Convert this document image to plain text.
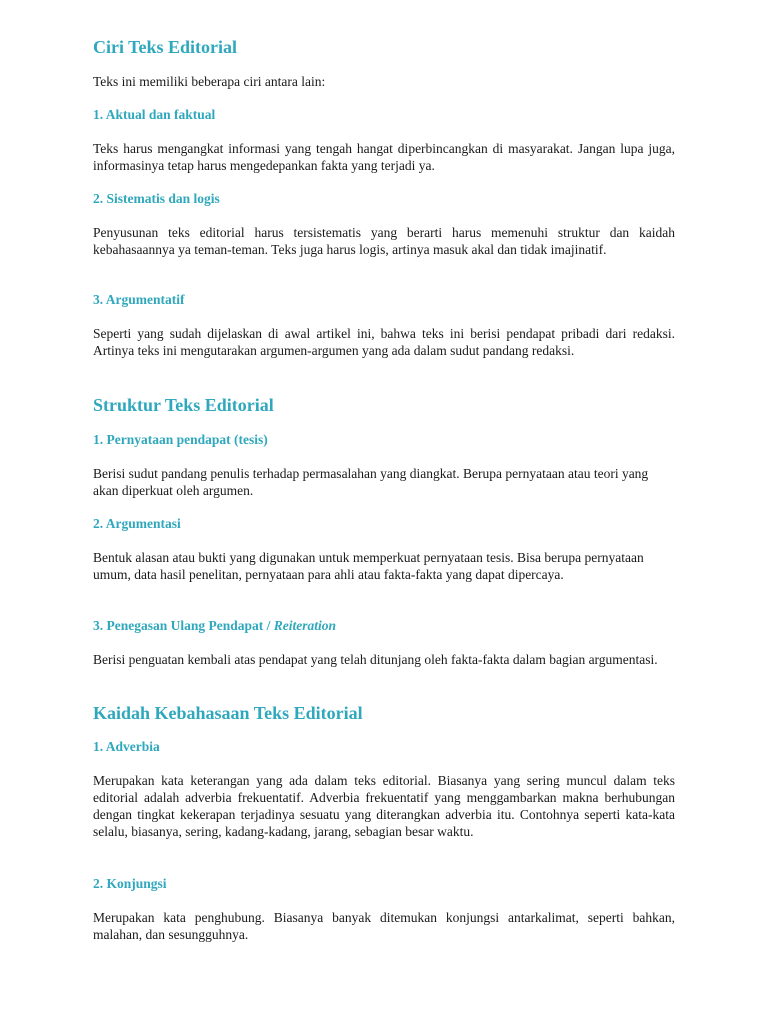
Ciri Teks Editorial

Teks ini memiliki beberapa ciri antara lain:

1. Aktual dan faktual

Teks harus mengangkat informasi yang tengah hangat diperbincangkan di masyarakat. Jangan lupa juga, informasinya tetap harus mengedepankan fakta yang terjadi ya.

2. Sistematis dan logis

Penyusunan teks editorial harus tersistematis yang berarti harus memenuhi struktur dan kaidah kebahasaannya ya teman-teman. Teks juga harus logis, artinya masuk akal dan tidak imajinatif.

3. Argumentatif

Seperti yang sudah dijelaskan di awal artikel ini, bahwa teks ini berisi pendapat pribadi dari redaksi. Artinya teks ini mengutarakan argumen-argumen yang ada dalam sudut pandang redaksi.

Struktur Teks Editorial
1. Pernyataan pendapat (tesis)

Berisi sudut pandang penulis terhadap permasalahan yang diangkat. Berupa pernyataan atau teori yang akan diperkuat oleh argumen.

2. Argumentasi

Bentuk alasan atau bukti yang digunakan untuk memperkuat pernyataan tesis. Bisa berupa pernyataan umum, data hasil penelitan, pernyataan para ahli atau fakta-fakta yang dapat dipercaya.

3. Penegasan Ulang Pendapat / Reiteration

Berisi penguatan kembali atas pendapat yang telah ditunjang oleh fakta-fakta dalam bagian argumentasi.

Kaidah Kebahasaan Teks Editorial
1. Adverbia

Merupakan kata keterangan yang ada dalam teks editorial. Biasanya yang sering muncul dalam teks editorial adalah adverbia frekuentatif. Adverbia frekuentatif yang menggambarkan makna berhubungan dengan tingkat kekerapan terjadinya sesuatu yang diterangkan adverbia itu. Contohnya seperti kata-kata selalu, biasanya, sering, kadang-kadang, jarang, sebagian besar waktu.

2. Konjungsi

Merupakan kata penghubung. Biasanya banyak ditemukan konjungsi antarkalimat, seperti bahkan, malahan, dan sesungguhnya.
